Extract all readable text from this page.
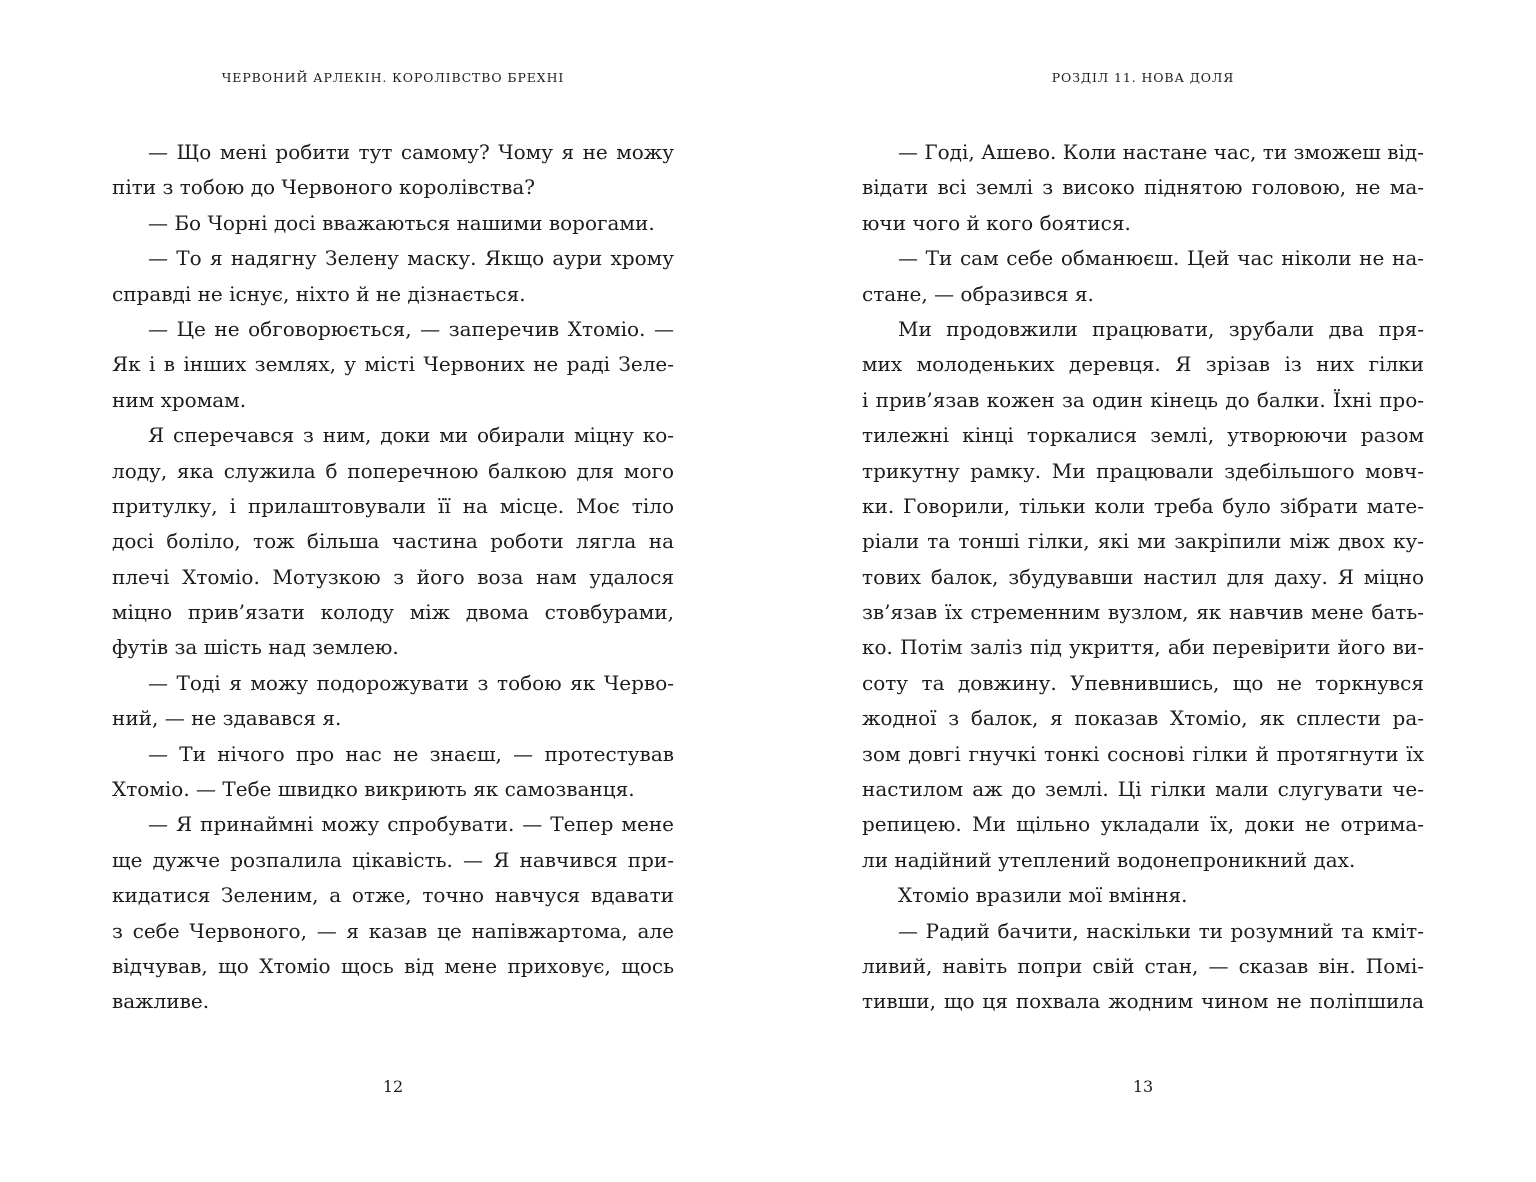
ЧЕРВОНИЙ АРЛЕКІН. КОРОЛІВСТВО БРЕХНІ
— Що мені робити тут самому? Чому я не можу
піти з тобою до Червоного королівства?
— Бо Чорні досі вважаються нашими ворогами.
— То я надягну Зелену маску. Якщо аури хрому
справді не існує, ніхто й не дізнається.
— Це не обговорюється, — заперечив Хтоміо. —
Як і в інших землях, у місті Червоних не раді Зеле-
ним хромам.
Я сперечався з ним, доки ми обирали міцну ко-
лоду, яка служила б поперечною балкою для мого
притулку, і прилаштовували її на місце. Моє тіло
досі боліло, тож більша частина роботи лягла на
плечі Хтоміо. Мотузкою з його воза нам удалося
міцно прив’язати колоду між двома стовбурами,
футів за шість над землею.
— Тоді я можу подорожувати з тобою як Черво-
ний, — не здавався я.
— Ти нічого про нас не знаєш, — протестував
Хтоміо. — Тебе швидко викриють як самозванця.
— Я принаймні можу спробувати. — Тепер мене
ще дужче розпалила цікавість. — Я навчився при-
кидатися Зеленим, а отже, точно навчуся вдавати
з себе Червоного, — я казав це напівжартома, але
відчував, що Хтоміо щось від мене приховує, щось
важливе.
12
РОЗДІЛ 11. НОВА ДОЛЯ
— Годі, Ашево. Коли настане час, ти зможеш від-
відати всі землі з високо піднятою головою, не ма-
ючи чого й кого боятися.
— Ти сам себе обманюєш. Цей час ніколи не на-
стане, — образився я.
Ми продовжили працювати, зрубали два пря-
мих молоденьких деревця. Я зрізав із них гілки
і прив’язав кожен за один кінець до балки. Їхні про-
тилежні кінці торкалися землі, утворюючи разом
трикутну рамку. Ми працювали здебільшого мовч-
ки. Говорили, тільки коли треба було зібрати мате-
ріали та тонші гілки, які ми закріпили між двох ку-
тових балок, збудувавши настил для даху. Я міцно
зв’язав їх стременним вузлом, як навчив мене бать-
ко. Потім заліз під укриття, аби перевірити його ви-
соту та довжину. Упевнившись, що не торкнувся
жодної з балок, я показав Хтоміо, як сплести ра-
зом довгі гнучкі тонкі соснові гілки й протягнути їх
настилом аж до землі. Ці гілки мали слугувати че-
репицею. Ми щільно укладали їх, доки не отрима-
ли надійний утеплений водонепроникний дах.
Хтоміо вразили мої вміння.
— Радий бачити, наскільки ти розумний та кміт-
ливий, навіть попри свій стан, — сказав він. Помі-
тивши, що ця похвала жодним чином не поліпшила
13
